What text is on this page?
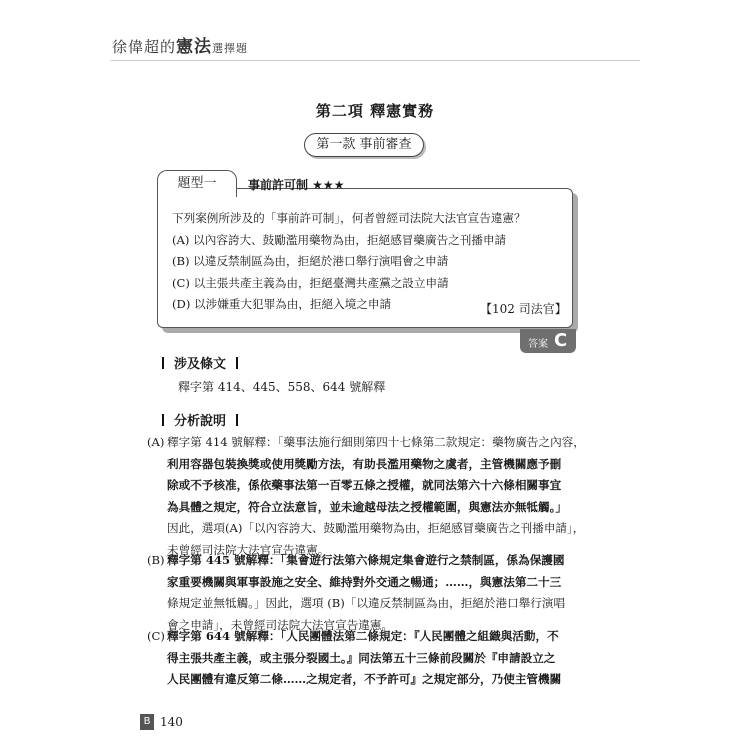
徐偉超的憲法選擇題
第二項 釋憲實務
第一款 事前審查
題型一	事前許可制 ★★★
下列案例所涉及的「事前許可制」，何者曾經司法院大法官宣告違憲？
(A) 以內容誇大、鼓勵濫用藥物為由，拒絕感冒藥廣告之刊播申請
(B) 以違反禁制區為由，拒絕於港口舉行演唱會之申請
(C) 以主張共產主義為由，拒絕臺灣共產黨之設立申請
(D) 以涉嫌重大犯罪為由，拒絕入境之申請	【102 司法官】
答案 C
涉及條文
釋字第 414、445、558、644 號解釋
分析說明
(A) 釋字第 414 號解釋：「藥事法施行細則第四十七條第二款規定：藥物廣告之內容，
利用容器包裝換獎或使用獎勵方法，有助長濫用藥物之虞者，主管機關應予刪
除或不予核准，係依藥事法第一百零五條之授權，就同法第六十六條相關事宜
為具體之規定，符合立法意旨，並未逾越母法之授權範圍，與憲法亦無牴觸。」
因此，選項(A)「以內容誇大、鼓勵濫用藥物為由，拒絕感冒藥廣告之刊播申請」，
未曾經司法院大法官宣告違憲。
(B) 釋字第 445 號解釋：「集會遊行法第六條規定集會遊行之禁制區，係為保護國
家重要機關與軍事設施之安全、維持對外交通之暢通；……，與憲法第二十三
條規定並無牴觸。」因此，選項 (B)「以違反禁制區為由，拒絕於港口舉行演唱
會之申請」，未曾經司法院大法官宣告違憲。
(C) 釋字第 644 號解釋：「人民團體法第二條規定：『人民團體之組織與活動，不
得主張共產主義，或主張分裂國土。』同法第五十三條前段關於『申請設立之
人民團體有違反第二條……之規定者，不予許可』之規定部分，乃使主管機關
B 140
